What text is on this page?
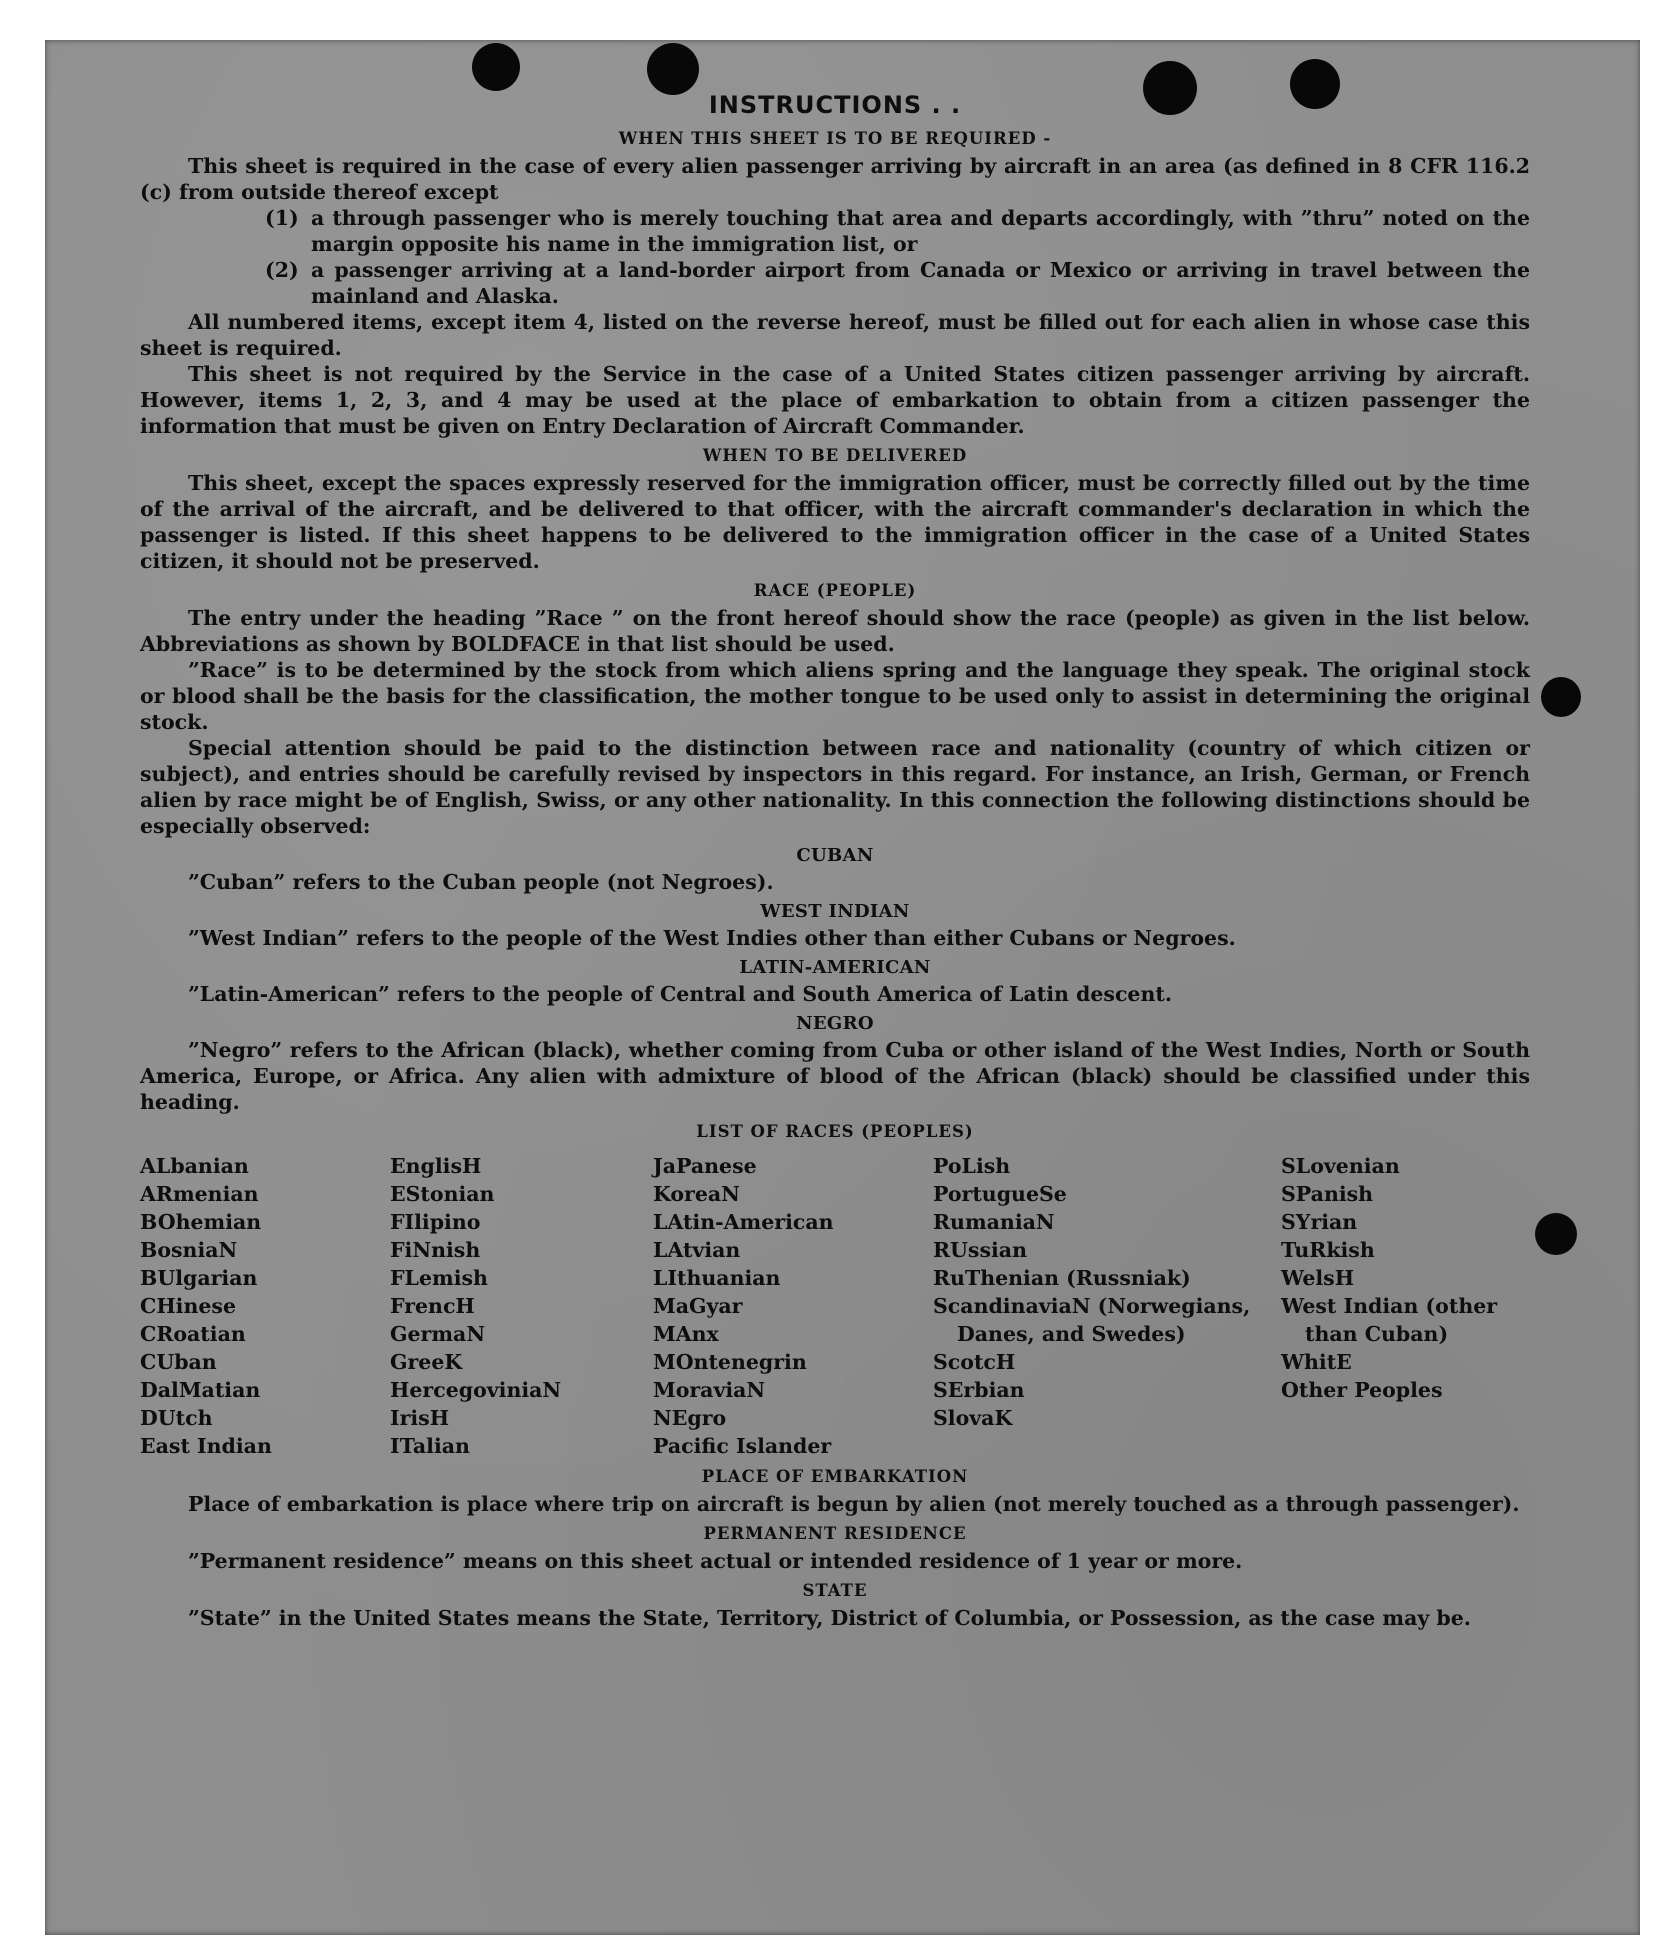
INSTRUCTIONS . .
WHEN THIS SHEET IS TO BE REQUIRED -

This sheet is required in the case of every alien passenger arriving by aircraft in an area (as defined in 8 CFR 116.2 (c) from outside thereof except

(1) a through passenger who is merely touching that area and departs accordingly, with ”thru” noted on the margin opposite his name in the immigration list, or
(2) a passenger arriving at a land-border airport from Canada or Mexico or arriving in travel between the mainland and Alaska.

All numbered items, except item 4, listed on the reverse hereof, must be filled out for each alien in whose case this sheet is required.

This sheet is not required by the Service in the case of a United States citizen passenger arriving by aircraft. However, items 1, 2, 3, and 4 may be used at the place of embarkation to obtain from a citizen passenger the information that must be given on Entry Declaration of Aircraft Commander.

WHEN TO BE DELIVERED

This sheet, except the spaces expressly reserved for the immigration officer, must be correctly filled out by the time of the arrival of the aircraft, and be delivered to that officer, with the aircraft commander's declaration in which the passenger is listed. If this sheet happens to be delivered to the immigration officer in the case of a United States citizen, it should not be preserved.

RACE (PEOPLE)

The entry under the heading ”Race ” on the front hereof should show the race (people) as given in the list below. Abbreviations as shown by BOLDFACE in that list should be used.

”Race” is to be determined by the stock from which aliens spring and the language they speak. The original stock or blood shall be the basis for the classification, the mother tongue to be used only to assist in determining the original stock.

Special attention should be paid to the distinction between race and nationality (country of which citizen or subject), and entries should be carefully revised by inspectors in this regard. For instance, an Irish, German, or French alien by race might be of English, Swiss, or any other nationality. In this connection the following distinctions should be especially observed:

CUBAN

”Cuban” refers to the Cuban people (not Negroes).

WEST INDIAN

”West Indian” refers to the people of the West Indies other than either Cubans or Negroes.

LATIN-AMERICAN

”Latin-American” refers to the people of Central and South America of Latin descent.

NEGRO

”Negro” refers to the African (black), whether coming from Cuba or other island of the West Indies, North or South America, Europe, or Africa. Any alien with admixture of blood of the African (black) should be classified under this heading.

LIST OF RACES (PEOPLES)
ALbanian
ARmenian
BOhemian
BosniaN
BUlgarian
CHinese
CRoatian
CUban
DalMatian
DUtch
East Indian
EnglisH
EStonian
FIlipino
FiNnish
FLemish
FrencH
GermaN
GreeK
HercegoviniaN
IrisH
ITalian
JaPanese
KoreaN
LAtin-American
LAtvian
LIthuanian
MaGyar
MAnx
MOntenegrin
MoraviaN
NEgro
Pacific Islander
PoLish
PortugueSe
RumaniaN
RUssian
RuThenian (Russniak)
ScandinaviaN (Norwegians, Danes, and Swedes)
ScotcH
SErbian
SlovaK
SLovenian
SPanish
SYrian
TuRkish
WelsH
West Indian (other than Cuban)
WhitE
Other Peoples
PLACE OF EMBARKATION

Place of embarkation is place where trip on aircraft is begun by alien (not merely touched as a through passenger).

PERMANENT RESIDENCE

”Permanent residence” means on this sheet actual or intended residence of 1 year or more.

STATE

”State” in the United States means the State, Territory, District of Columbia, or Possession, as the case may be.
